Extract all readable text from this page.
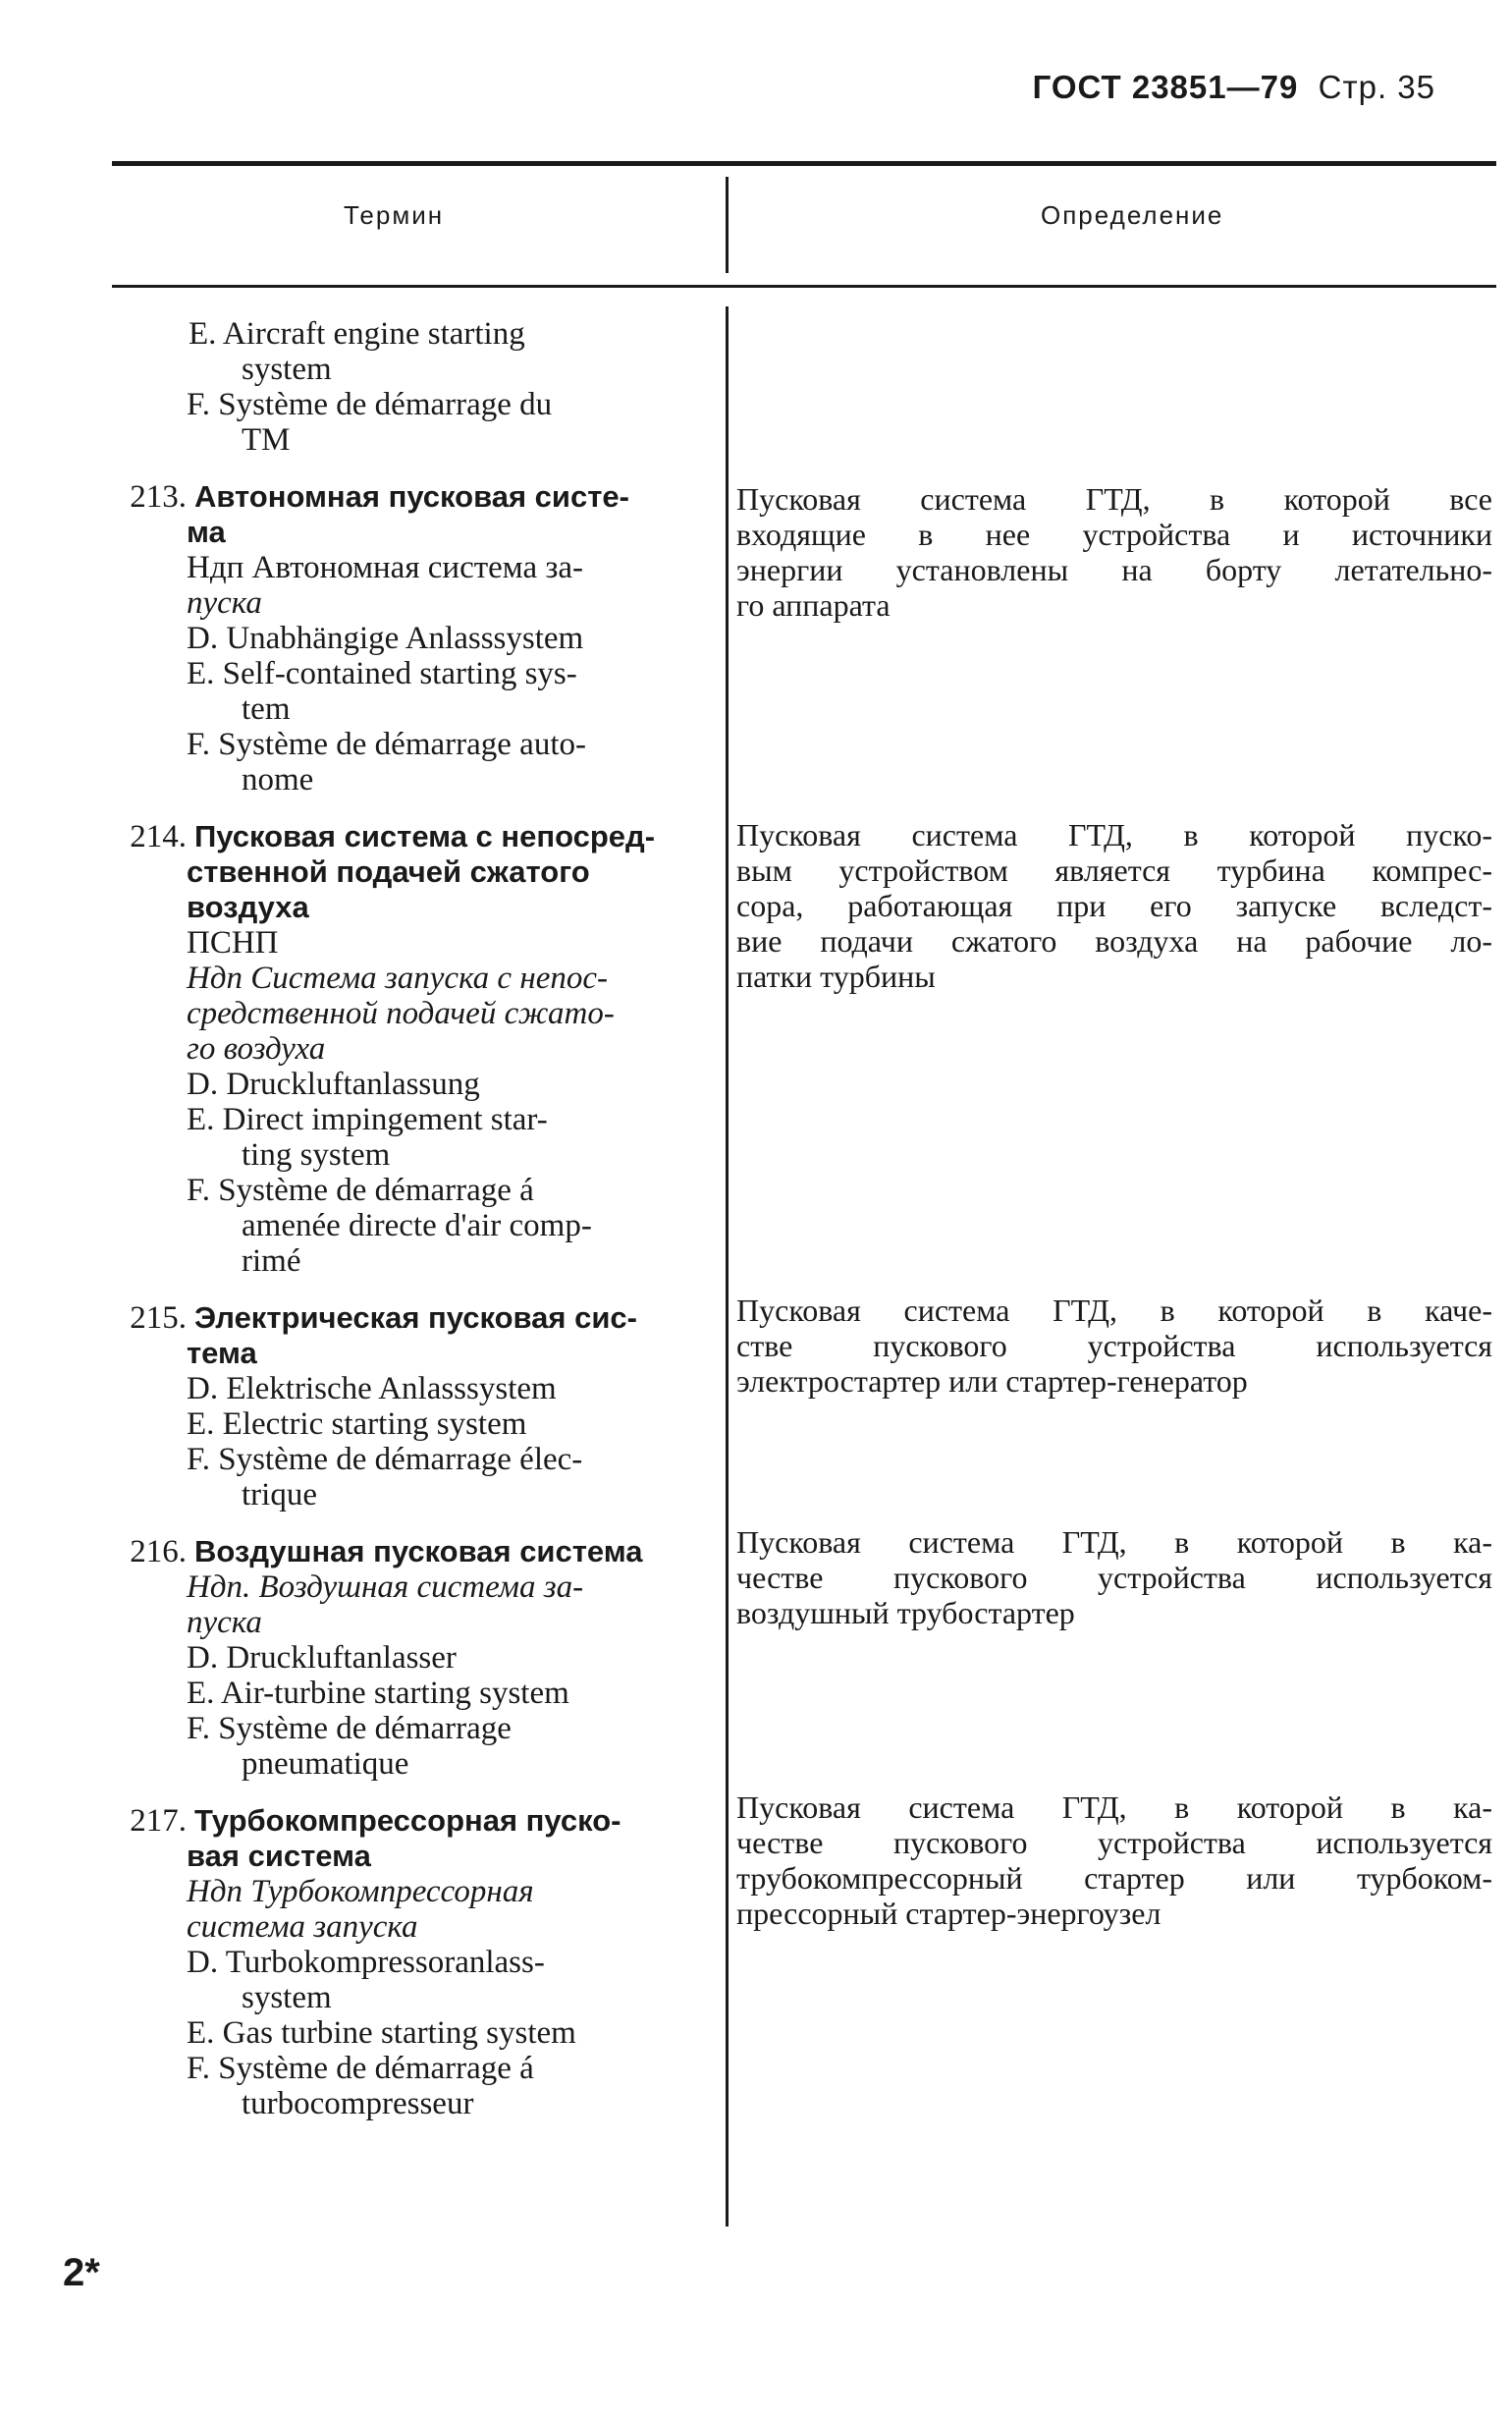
ГОСТ 23851—79 Стр. 35
Термин	Определение
E. Aircraft engine starting
system
F. Système de démarrage du
TM
213. Автономная пусковая систе-
ма
Ндп Автономная система за-
пуска
D. Unabhängige Anlasssystem
E. Self-contained starting sys-
tem
F. Système de démarrage auto-
nome
214. Пусковая система с непосред-
ственной подачей сжатого
воздуха
ПСНП
Ндп Система запуска с непос-
средственной подачей сжато-
го воздуха
D. Druckluftanlassung
E. Direct impingement star-
ting system
F. Système de démarrage á
amenée directe d'air comp-
rimé
215. Электрическая пусковая сис-
тема
D. Elektrische Anlasssystem
E. Electric starting system
F. Système de démarrage élec-
trique
216. Воздушная пусковая система
Ндп. Воздушная система за-
пуска
D. Druckluftanlasser
E. Air-turbine starting system
F. Système de démarrage
pneumatique
217. Турбокомпрессорная пуско-
вая система
Ндп Турбокомпрессорная
система запуска
D. Turbokompressoranlass-
system
E. Gas turbine starting system
F. Système de démarrage á
turbocompresseur
Пусковая система ГТД, в которой все
входящие в нее устройства и источники
энергии установлены на борту летательно-
го аппарата
Пусковая система ГТД, в которой пуско-
вым устройством является турбина компрес-
сора, работающая при его запуске вследст-
вие подачи сжатого воздуха на рабочие ло-
патки турбины
Пусковая система ГТД, в которой в каче-
стве пускового устройства используется
электростартер или стартер-генератор
Пусковая система ГТД, в которой в ка-
честве пускового устройства используется
воздушный трубостартер
Пусковая система ГТД, в которой в ка-
честве пускового устройства используется
трубокомпрессорный стартер или турбоком-
прессорный стартер-энергоузел
2*
